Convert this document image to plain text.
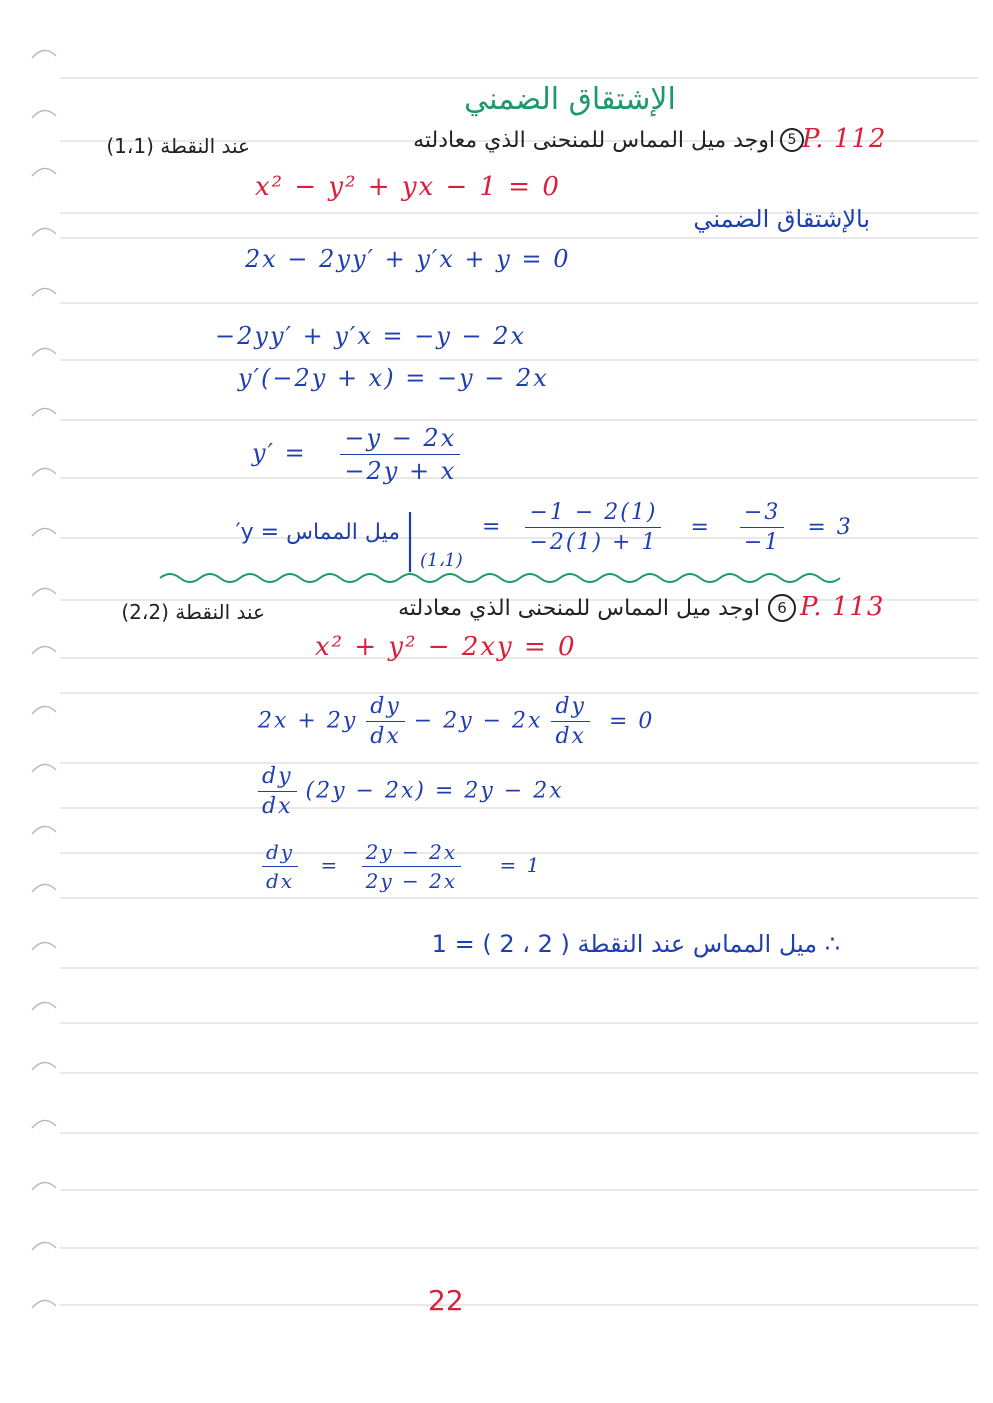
الإشتقاق الضمني
P. 112
5
اوجد ميل المماس للمنحنى الذي معادلته
عند النقطة (1،1)
x² − y² + yx − 1 = 0
بالإشتقاق الضمني
2x − 2yy′ + y′x + y = 0
−2yy′ + y′x = −y − 2x
y′(−2y + x) = −y − 2x
$y' = \frac{-y - 2x}{-2y + x}$
ميل المماس = y′
(1،1)
= $\frac{-1 - 2(1)}{-2(1) + 1} = \frac{-3}{-1} = 3$
P. 113
6
اوجد ميل المماس للمنحنى الذي معادلته
عند النقطة (2،2)
x² + y² − 2xy = 0
$2x + 2y \frac{dy}{dx} - 2y - 2x \frac{dy}{dx} = 0$
$\frac{dy}{dx} (2y - 2x) = 2y - 2x$
$\frac{dy}{dx} = \frac{2y - 2x}{2y - 2x} = 1$
∴ ميل المماس عند النقطة ( 2 ، 2 ) = 1
22
